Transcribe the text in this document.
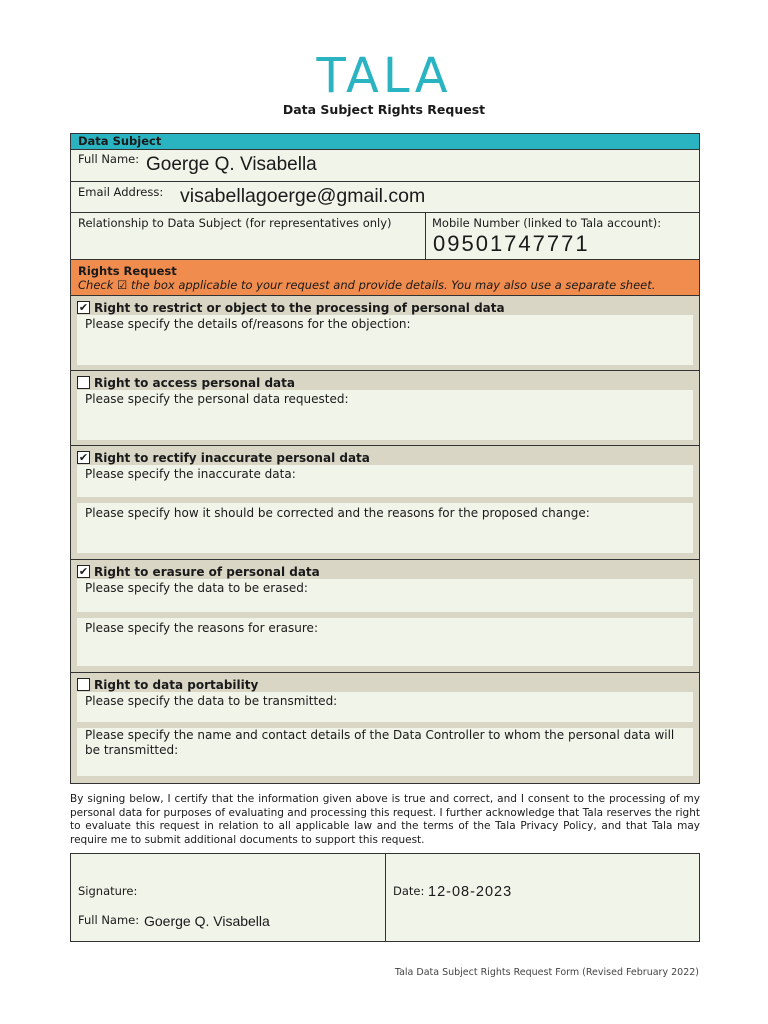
TALA
Data Subject Rights Request
Data Subject
Full Name: Goerge Q. Visabella
Email Address: visabellagoerge@gmail.com
Relationship to Data Subject (for representatives only)	Mobile Number (linked to Tala account):
09501747771
Rights Request
Check ☑ the box applicable to your request and provide details. You may also use a separate sheet.
✔ Right to restrict or object to the processing of personal data
Please specify the details of/reasons for the objection:
Right to access personal data
Please specify the personal data requested:
✔ Right to rectify inaccurate personal data
Please specify the inaccurate data:
Please specify how it should be corrected and the reasons for the proposed change:
✔ Right to erasure of personal data
Please specify the data to be erased:
Please specify the reasons for erasure:
Right to data portability
Please specify the data to be transmitted:
Please specify the name and contact details of the Data Controller to whom the personal data will be transmitted:
By signing below, I certify that the information given above is true and correct, and I consent to the processing of my personal data for purposes of evaluating and processing this request. I further acknowledge that Tala reserves the right to evaluate this request in relation to all applicable law and the terms of the Tala Privacy Policy, and that Tala may require me to submit additional documents to support this request.
Signature:
Full Name: Goerge Q. Visabella
Date: 12-08-2023
Tala Data Subject Rights Request Form (Revised February 2022)
